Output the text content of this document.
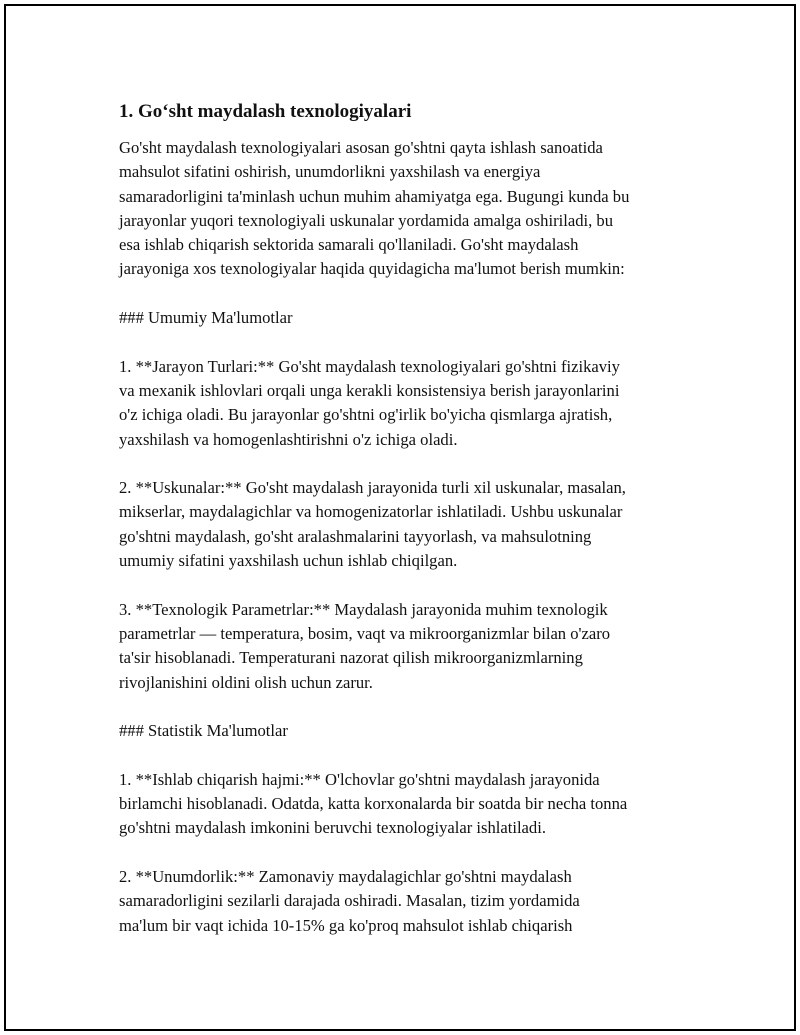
1. Go‘sht maydalash texnologiyalari

Go'sht maydalash texnologiyalari asosan go'shtni qayta ishlash sanoatida
mahsulot sifatini oshirish, unumdorlikni yaxshilash va energiya
samaradorligini ta'minlash uchun muhim ahamiyatga ega. Bugungi kunda bu
jarayonlar yuqori texnologiyali uskunalar yordamida amalga oshiriladi, bu
esa ishlab chiqarish sektorida samarali qo'llaniladi. Go'sht maydalash
jarayoniga xos texnologiyalar haqida quyidagicha ma'lumot berish mumkin:

### Umumiy Ma'lumotlar

1. **Jarayon Turlari:** Go'sht maydalash texnologiyalari go'shtni fizikaviy
va mexanik ishlovlari orqali unga kerakli konsistensiya berish jarayonlarini
o'z ichiga oladi. Bu jarayonlar go'shtni og'irlik bo'yicha qismlarga ajratish,
yaxshilash va homogenlashtirishni o'z ichiga oladi.

2. **Uskunalar:** Go'sht maydalash jarayonida turli xil uskunalar, masalan,
mikserlar, maydalagichlar va homogenizatorlar ishlatiladi. Ushbu uskunalar
go'shtni maydalash, go'sht aralashmalarini tayyorlash, va mahsulotning
umumiy sifatini yaxshilash uchun ishlab chiqilgan.

3. **Texnologik Parametrlar:** Maydalash jarayonida muhim texnologik
parametrlar — temperatura, bosim, vaqt va mikroorganizmlar bilan o'zaro
ta'sir hisoblanadi. Temperaturani nazorat qilish mikroorganizmlarning
rivojlanishini oldini olish uchun zarur.

### Statistik Ma'lumotlar

1. **Ishlab chiqarish hajmi:** O'lchovlar go'shtni maydalash jarayonida
birlamchi hisoblanadi. Odatda, katta korxonalarda bir soatda bir necha tonna
go'shtni maydalash imkonini beruvchi texnologiyalar ishlatiladi.

2. **Unumdorlik:** Zamonaviy maydalagichlar go'shtni maydalash
samaradorligini sezilarli darajada oshiradi. Masalan, tizim yordamida
ma'lum bir vaqt ichida 10-15% ga ko'proq mahsulot ishlab chiqarish
